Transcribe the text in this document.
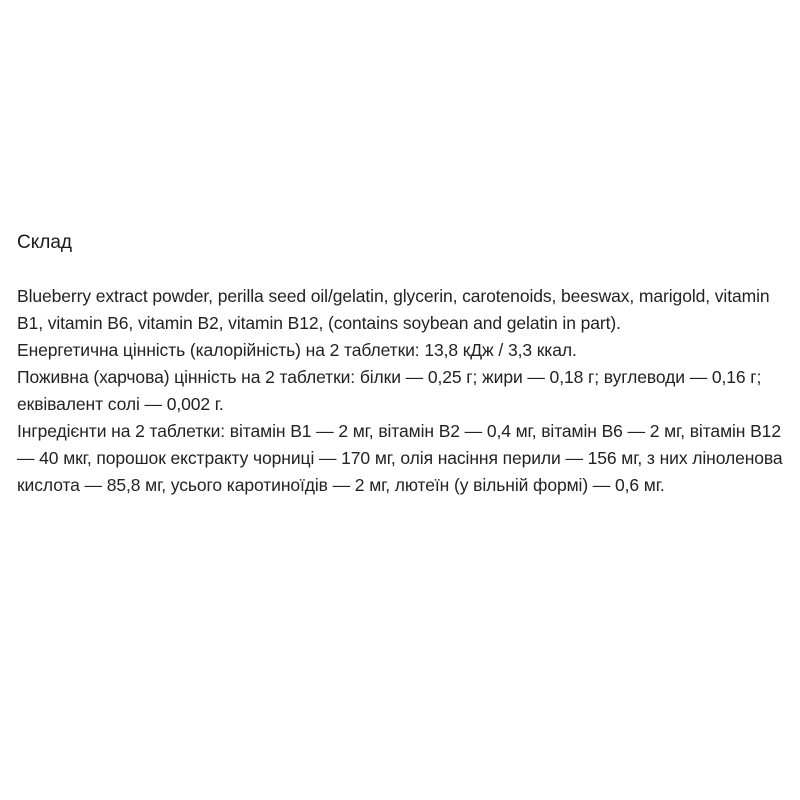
Склад

Blueberry extract powder, perilla seed oil/gelatin, glycerin, carotenoids, beeswax, marigold, vitamin B1, vitamin B6, vitamin B2, vitamin B12, (contains soybean and gelatin in part).

Енергетична цінність (калорійність) на 2 таблетки: 13,8 кДж / 3,3 ккал.

Поживна (харчова) цінність на 2 таблетки: білки — 0,25 г; жири — 0,18 г; вуглеводи — 0,16 г; еквівалент солі — 0,002 г.

Інгредієнти на 2 таблетки: вітамін B1 — 2 мг, вітамін B2 — 0,4 мг, вітамін B6 — 2 мг, вітамін B12 — 40 мкг, порошок екстракту чорниці — 170 мг, олія насіння перили — 156 мг, з них ліноленова кислота — 85,8 мг, усього каротиноїдів — 2 мг, лютеїн (у вільній формі) — 0,6 мг.
